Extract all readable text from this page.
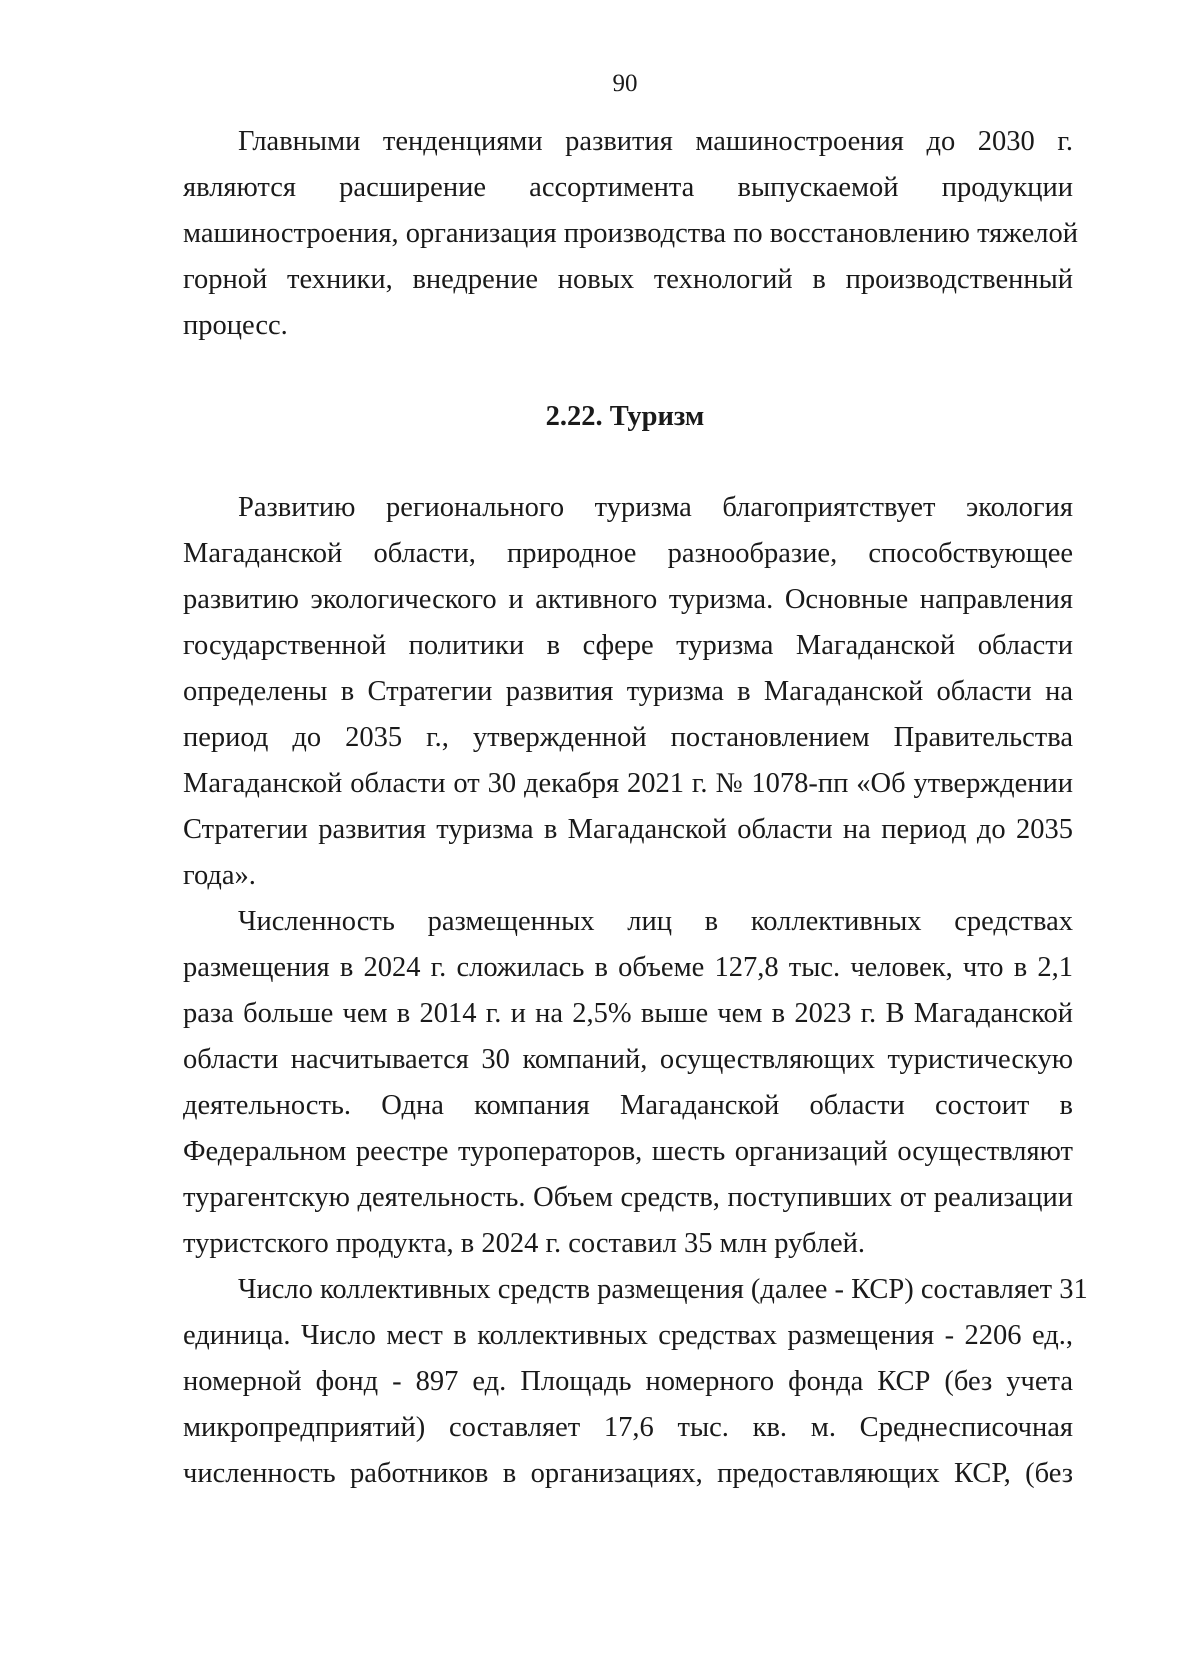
90
Главными тенденциями развития машиностроения до 2030 г.
являются расширение ассортимента выпускаемой продукции
машиностроения, организация производства по восстановлению тяжелой
горной техники, внедрение новых технологий в производственный
процесс.
2.22. Туризм
Развитию регионального туризма благоприятствует экология
Магаданской области, природное разнообразие, способствующее
развитию экологического и активного туризма. Основные направления
государственной политики в сфере туризма Магаданской области
определены в Стратегии развития туризма в Магаданской области на
период до 2035 г., утвержденной постановлением Правительства
Магаданской области от 30 декабря 2021 г. № 1078-пп «Об утверждении
Стратегии развития туризма в Магаданской области на период до 2035
года».
Численность размещенных лиц в коллективных средствах
размещения в 2024 г. сложилась в объеме 127,8 тыс. человек, что в 2,1
раза больше чем в 2014 г. и на 2,5% выше чем в 2023 г. В Магаданской
области насчитывается 30 компаний, осуществляющих туристическую
деятельность. Одна компания Магаданской области состоит в
Федеральном реестре туроператоров, шесть организаций осуществляют
турагентскую деятельность. Объем средств, поступивших от реализации
туристского продукта, в 2024 г. составил 35 млн рублей.
Число коллективных средств размещения (далее - КСР) составляет 31
единица. Число мест в коллективных средствах размещения - 2206 ед.,
номерной фонд - 897 ед. Площадь номерного фонда КСР (без учета
микропредприятий) составляет 17,6 тыс. кв. м. Среднесписочная
численность работников в организациях, предоставляющих КСР, (без
